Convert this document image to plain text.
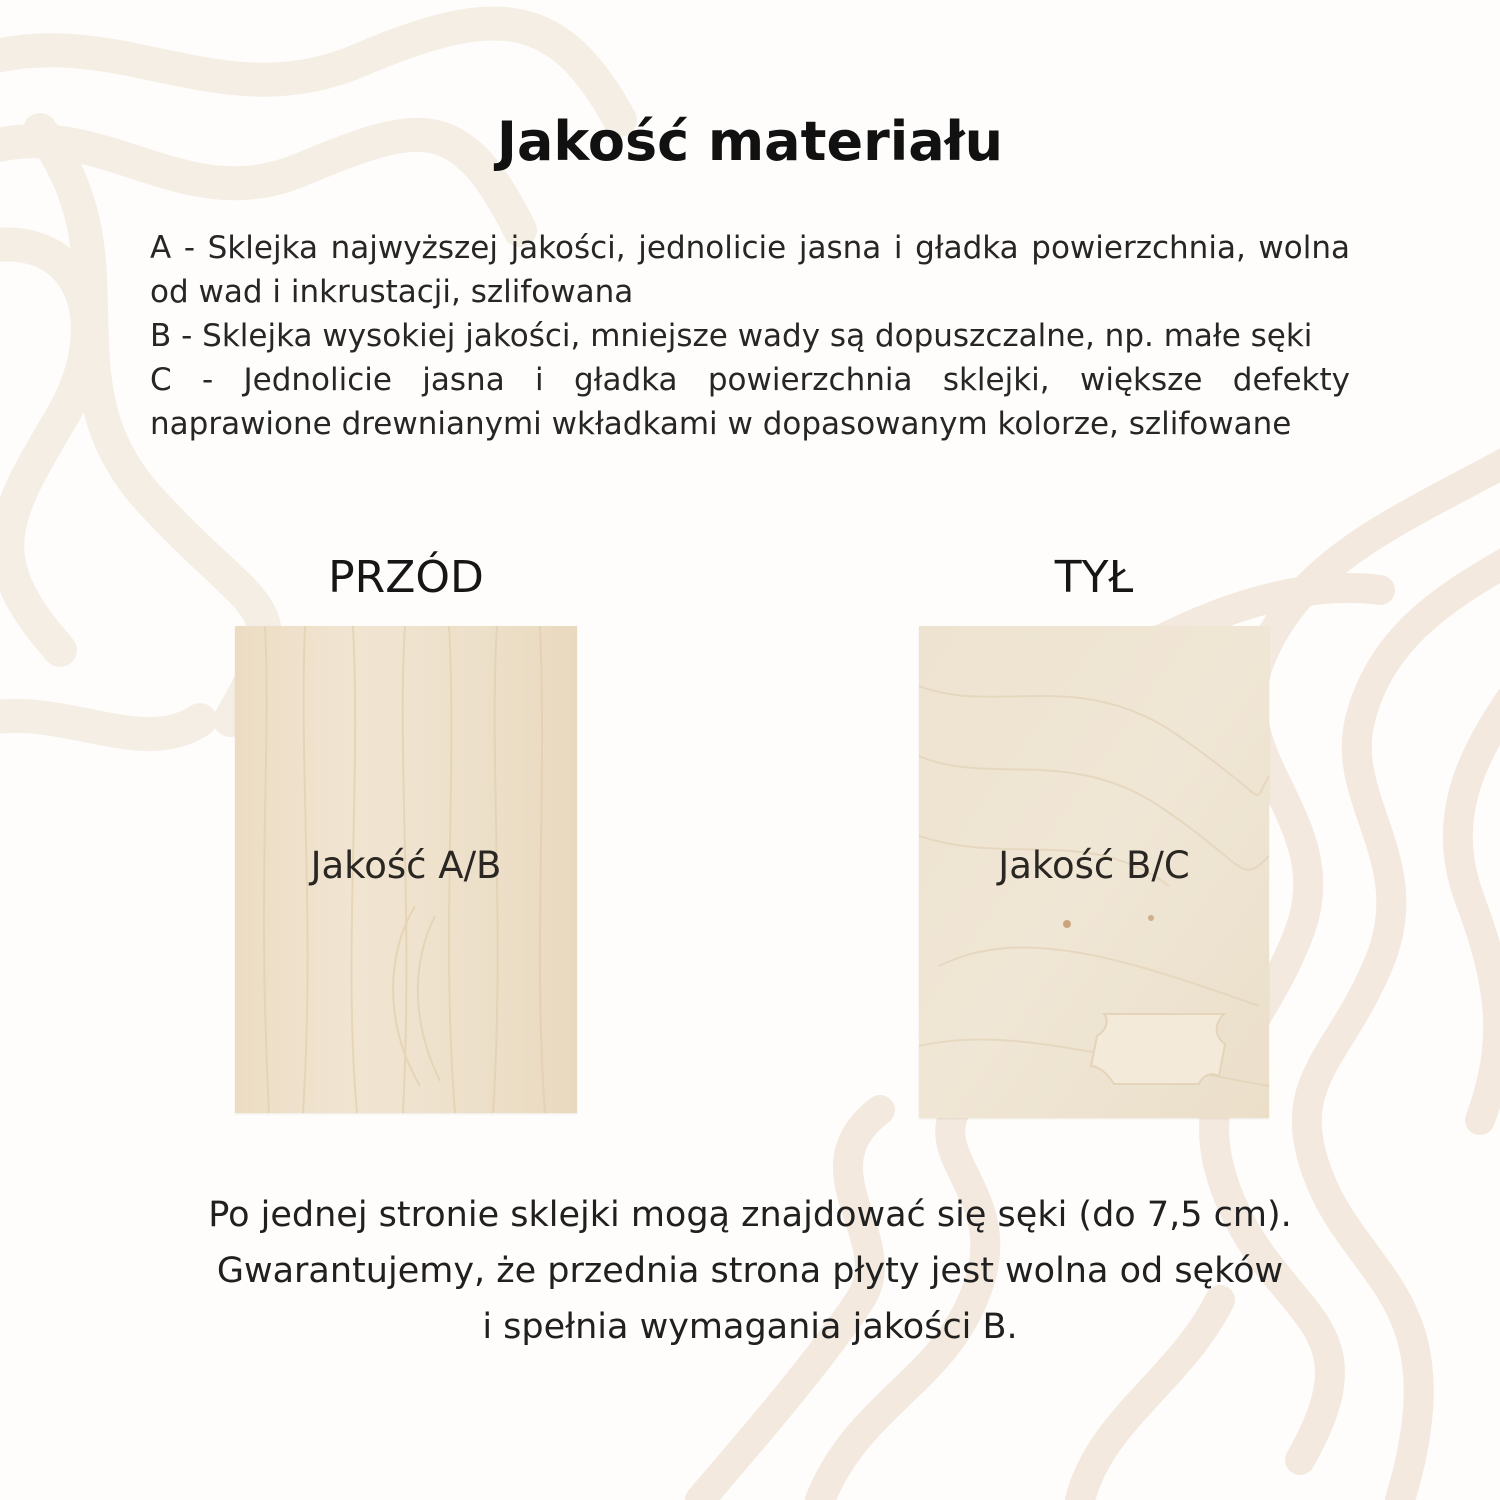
Jakość materiału

A - Sklejka najwyższej jakości, jednolicie jasna i gładka powierzchnia, wolna od wad i inkrustacji, szlifowana

B - Sklejka wysokiej jakości, mniejsze wady są dopuszczalne, np. małe sęki

C - Jednolicie jasna i gładka powierzchnia sklejki, większe defekty naprawione drewnianymi wkładkami w dopasowanym kolorze, szlifowane

PRZÓD	TYŁ
Jakość A/B	Jakość B/C

Po jednej stronie sklejki mogą znajdować się sęki (do 7,5 cm).

Gwarantujemy, że przednia strona płyty jest wolna od sęków

i spełnia wymagania jakości B.
